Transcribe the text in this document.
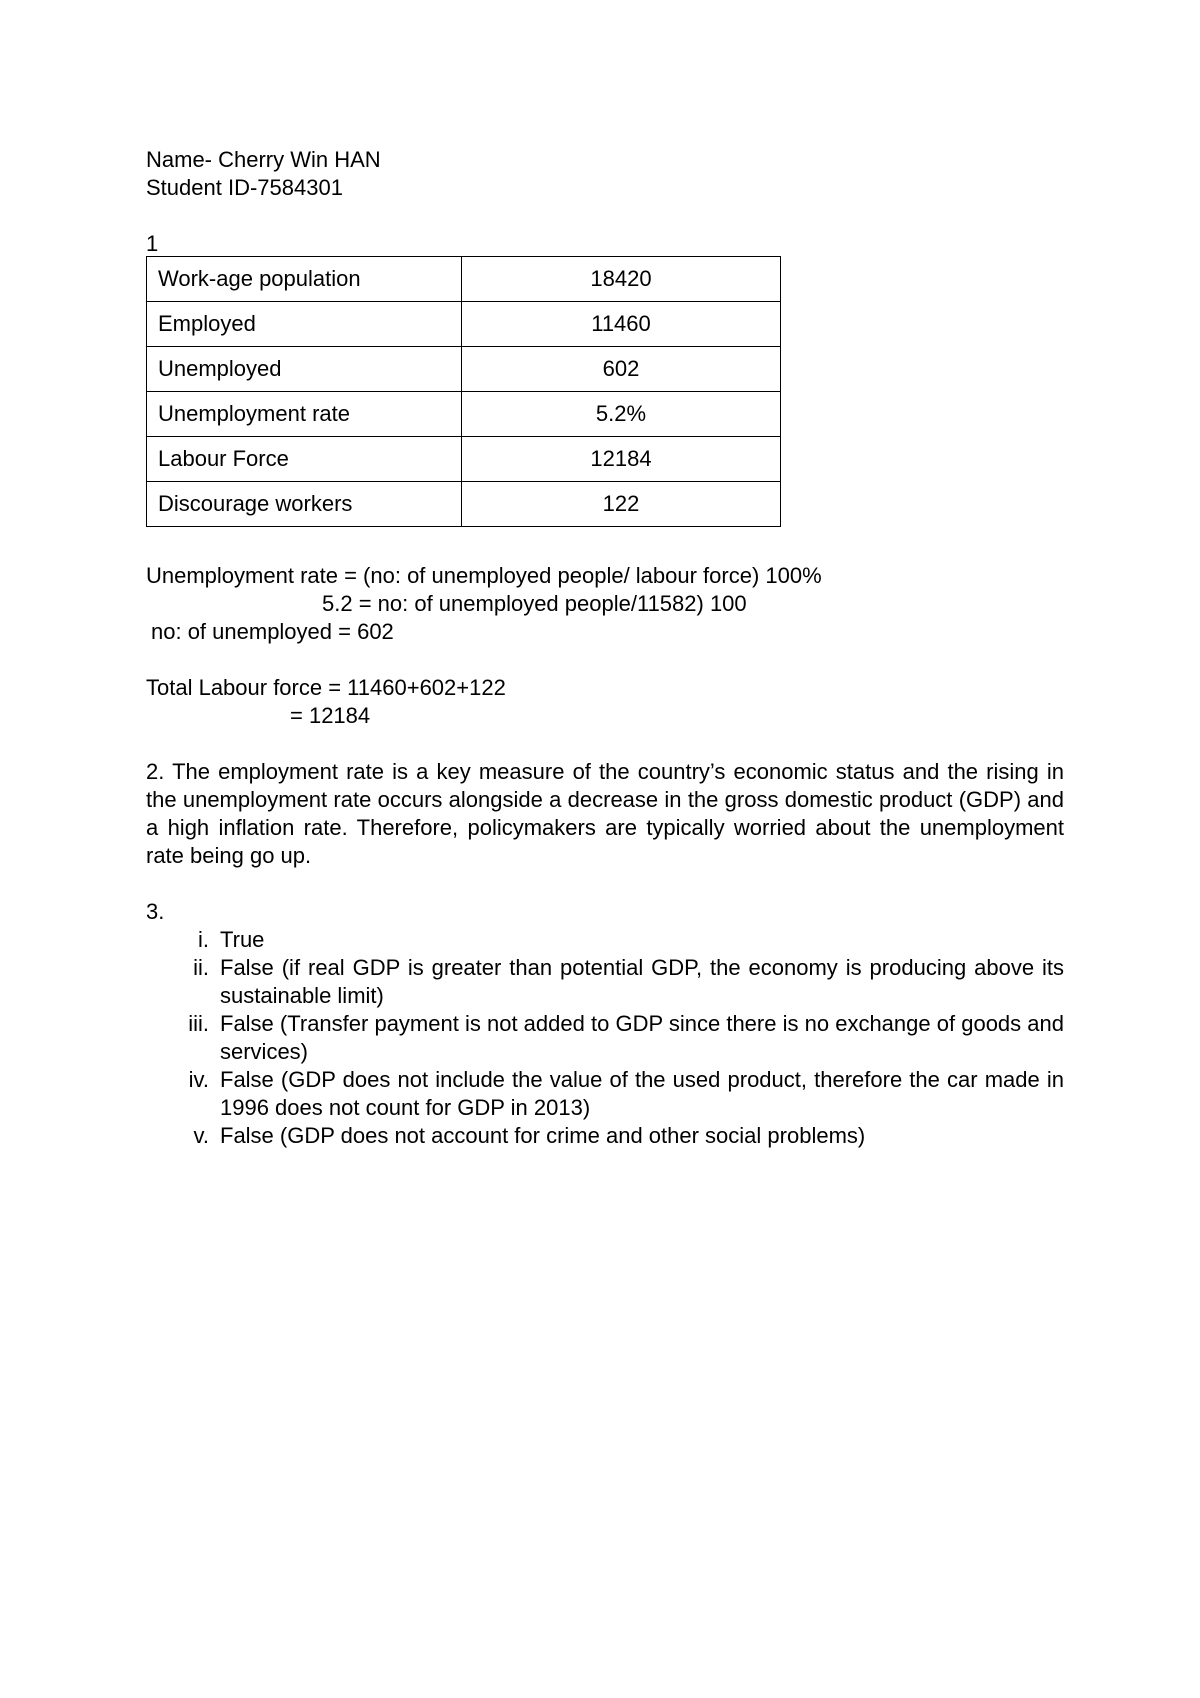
Name- Cherry Win HAN
Student ID-7584301
1
Work-age population	18420
Employed	11460
Unemployed	602
Unemployment rate	5.2%
Labour Force	12184
Discourage workers	122
Unemployment rate = (no: of unemployed people/ labour force) 100%
5.2 = no: of unemployed people/11582) 100
no: of unemployed = 602
Total Labour force = 11460+602+122
= 12184
2. The employment rate is a key measure of the country’s economic status and the rising in the unemployment rate occurs alongside a decrease in the gross domestic product (GDP) and a high inflation rate. Therefore, policymakers are typically worried about the unemployment rate being go up.
3.
i. True
ii. False (if real GDP is greater than potential GDP, the economy is producing above its sustainable limit)
iii. False (Transfer payment is not added to GDP since there is no exchange of goods and services)
iv. False (GDP does not include the value of the used product, therefore the car made in 1996 does not count for GDP in 2013)
v. False (GDP does not account for crime and other social problems)
